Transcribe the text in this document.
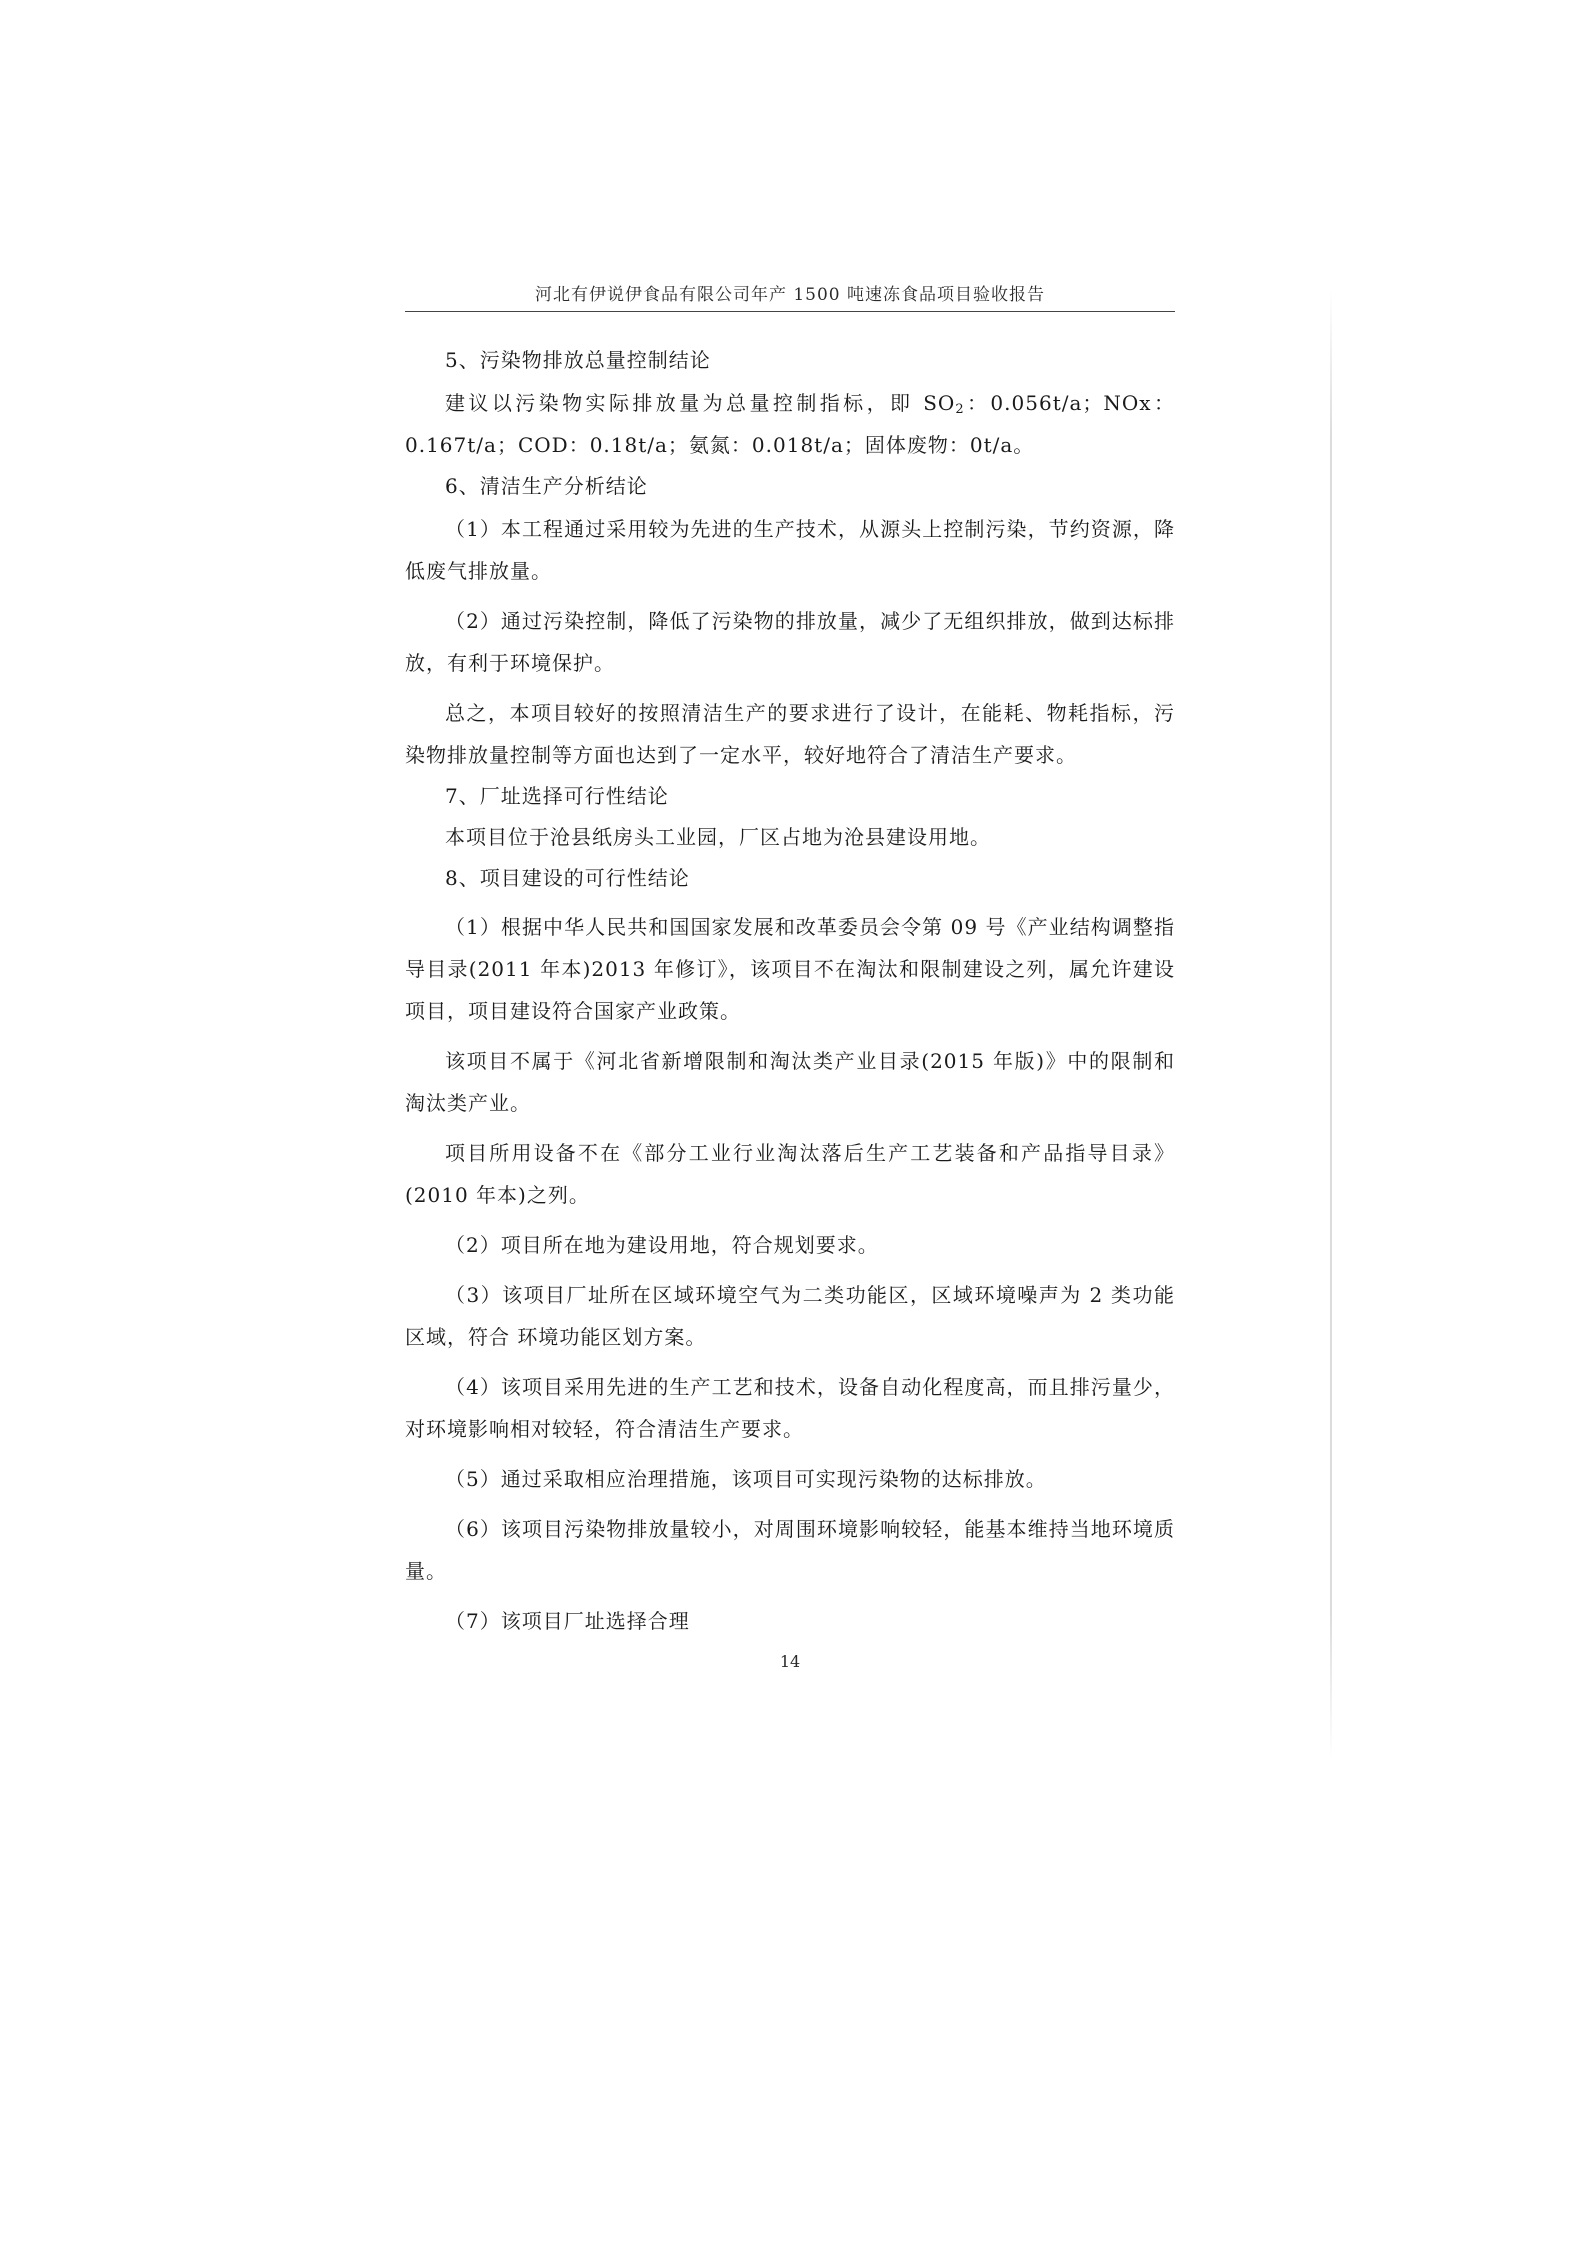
河北有伊说伊食品有限公司年产 1500 吨速冻食品项目验收报告

5、污染物排放总量控制结论

建议以污染物实际排放量为总量控制指标，即 $SO_2$：0.056t/a；NOx：0.167t/a；COD：0.18t/a；氨氮：0.018t/a；固体废物：0t/a。

6、清洁生产分析结论

（1）本工程通过采用较为先进的生产技术，从源头上控制污染，节约资源，降低废气排放量。

（2）通过污染控制，降低了污染物的排放量，减少了无组织排放，做到达标排放，有利于环境保护。

总之，本项目较好的按照清洁生产的要求进行了设计，在能耗、物耗指标，污染物排放量控制等方面也达到了一定水平，较好地符合了清洁生产要求。

7、厂址选择可行性结论

本项目位于沧县纸房头工业园，厂区占地为沧县建设用地。

8、项目建设的可行性结论

（1）根据中华人民共和国国家发展和改革委员会令第 09 号《产业结构调整指导目录(2011 年本)2013 年修订》，该项目不在淘汰和限制建设之列，属允许建设项目，项目建设符合国家产业政策。

该项目不属于《河北省新增限制和淘汰类产业目录(2015 年版)》中的限制和淘汰类产业。

项目所用设备不在《部分工业行业淘汰落后生产工艺装备和产品指导目录》(2010 年本)之列。

（2）项目所在地为建设用地，符合规划要求。

（3）该项目厂址所在区域环境空气为二类功能区，区域环境噪声为 2 类功能区域，符合 环境功能区划方案。

（4）该项目采用先进的生产工艺和技术，设备自动化程度高，而且排污量少，对环境影响相对较轻，符合清洁生产要求。

（5）通过采取相应治理措施，该项目可实现污染物的达标排放。

（6）该项目污染物排放量较小，对周围环境影响较轻，能基本维持当地环境质量。

（7）该项目厂址选择合理

14
